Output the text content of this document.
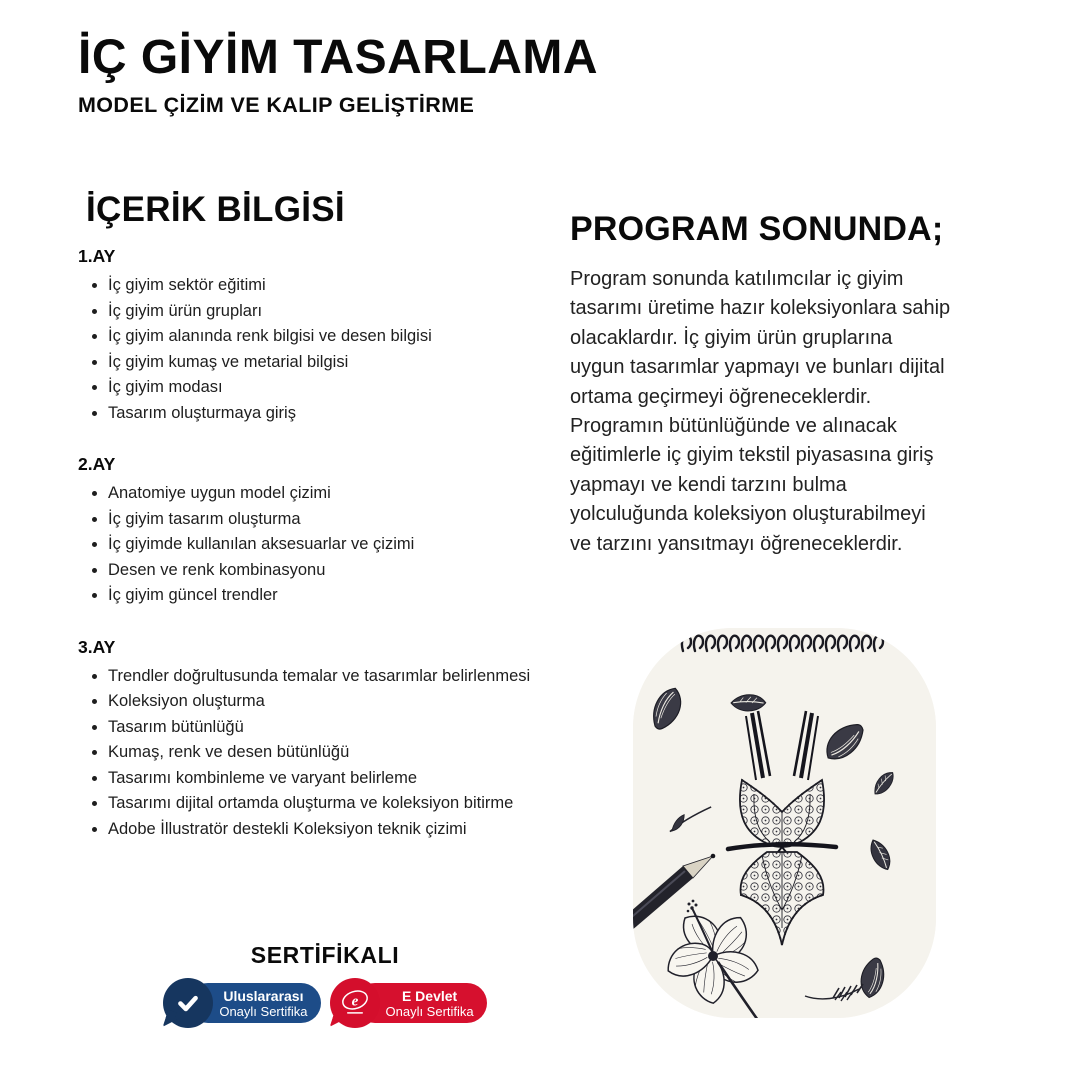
İÇ GİYİM TASARLAMA
MODEL ÇİZİM VE KALIP GELİŞTİRME
İÇERİK BİLGİSİ
1.AY
• İç giyim sektör eğitimi
• İç giyim ürün grupları
• İç giyim alanında renk bilgisi ve desen bilgisi
• İç giyim kumaş ve metarial bilgisi
• İç giyim modası
• Tasarım oluşturmaya giriş
2.AY
• Anatomiye uygun model çizimi
• İç giyim tasarım oluşturma
• İç giyimde kullanılan aksesuarlar ve çizimi
• Desen ve renk kombinasyonu
• İç giyim güncel trendler
3.AY
• Trendler doğrultusunda temalar ve tasarımlar belirlenmesi
• Koleksiyon oluşturma
• Tasarım bütünlüğü
• Kumaş, renk ve desen bütünlüğü
• Tasarımı kombinleme ve varyant belirleme
• Tasarımı dijital ortamda oluşturma ve koleksiyon bitirme
• Adobe İllustratör destekli Koleksiyon teknik çizimi
PROGRAM SONUNDA;

Program sonunda katılımcılar iç giyim tasarımı üretime hazır koleksiyonlara sahip olacaklardır. İç giyim ürün gruplarına uygun tasarımlar yapmayı ve bunları dijital ortama geçirmeyi öğreneceklerdir. Programın bütünlüğünde ve alınacak eğitimlerle iç giyim tekstil piyasasına giriş yapmayı ve kendi tarzını bulma yolculuğunda koleksiyon oluşturabilmeyi ve tarzını yansıtmayı öğreneceklerdir.

SERTİFİKALI
Uluslararası
Onaylı Sertifika
e	E Devlet
Onaylı Sertifika
